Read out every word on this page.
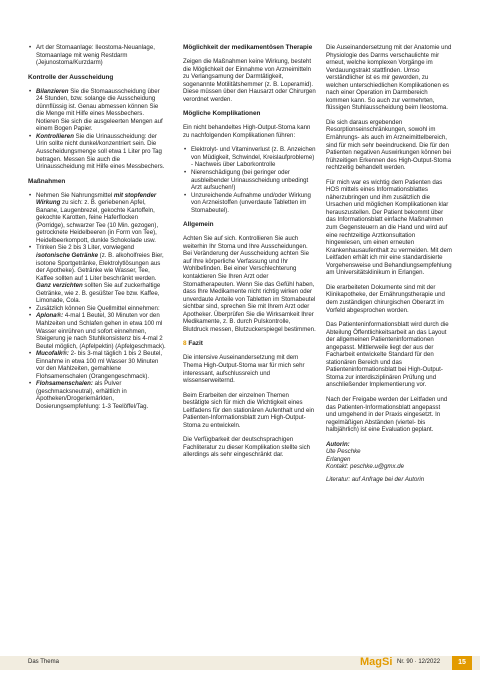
• Art der Stomaanlage: Ileostoma-Neuanlage, Stomaanlage mit wenig Restdarm (Jejunostoma/Kurzdarm)
Kontrolle der Ausscheidung
• Bilanzieren Sie die Stomaausscheidung über 24 Stunden, bzw. solange die Ausscheidung dünnflüssig ist. Genau abmessen können Sie die Menge mit Hilfe eines Messbechers. Notieren Sie sich die ausgeleerten Mengen auf einem Bogen Papier.
• Kontrollieren Sie die Urinausscheidung: der Urin sollte nicht dunkel/konzentriert sein. Die Ausscheidungsmenge soll etwa 1 Liter pro Tag betragen. Messen Sie auch die Urinausscheidung mit Hilfe eines Messbechers.
Maßnahmen
• Nehmen Sie Nahrungsmittel mit stopfender Wirkung zu sich: z. B. geriebenen Apfel, Banane, Laugenbrezel, gekochte Kartoffeln, gekochte Karotten, feine Haferflocken (Porridge), schwarzer Tee (10 Min. gezogen), getrocknete Heidelbeeren (in Form von Tee), Heidelbeerkompott, dunkle Schokolade usw.
• Trinken Sie 2 bis 3 Liter, vorwiegend isotonische Getränke (z. B. alkoholfreies Bier, isotone Sportgetränke, Elektrolytlösungen aus der Apotheke). Getränke wie Wasser, Tee, Kaffee sollten auf 1 Liter beschränkt werden. Ganz verzichten sollten Sie auf zuckerhaltige Getränke, wie z. B. gesüßter Tee bzw. Kaffee, Limonade, Cola.
• Zusätzlich können Sie Quellmittel einnehmen:
• Aplona®: 4-mal 1 Beutel, 30 Minuten vor den Mahlzeiten und Schlafen gehen in etwa 100 ml Wasser einrühren und sofort einnehmen, Steigerung je nach Stuhlkonsistenz bis 4-mal 2 Beutel möglich, (Apfelpektin) (Apfelgeschmack).
• Mucofalk®: 2- bis 3-mal täglich 1 bis 2 Beutel, Einnahme in etwa 100 ml Wasser 30 Minuten vor den Mahlzeiten, gemahlene Flohsamenschalen (Orangengeschmack).
• Flohsamenschalen: als Pulver (geschmacksneutral), erhältlich in Apotheken/Drogeriemärkten, Dosierungsempfehlung: 1-3 Teelöffel/Tag.
Möglichkeit der medikamentösen Therapie

Zeigen die Maßnahmen keine Wirkung, besteht die Möglichkeit der Einnahme von Arzneimitteln zu Verlangsamung der Darmtätigkeit, sogenannte Motilitätshemmer (z. B. Loperamid). Diese müssen über den Hausarzt oder Chirurgen verordnet werden.

Mögliche Komplikationen

Ein nicht behandeltes High-Output-Stoma kann zu nachfolgenden Komplikationen führen:

• Elektrolyt- und Vitaminverlust (z. B. Anzeichen von Müdigkeit, Schwindel, Kreislaufprobleme) - Nachweis über Laborkontrolle
• Nierenschädigung (bei geringer oder ausbleibender Urinausscheidung unbedingt Arzt aufsuchen!)
• Unzureichende Aufnahme und/oder Wirkung von Arzneistoffen (unverdaute Tabletten im Stomabeutel).
Allgemein

Achten Sie auf sich. Kontrollieren Sie auch weiterhin Ihr Stoma und Ihre Ausscheidungen. Bei Veränderung der Ausscheidung achten Sie auf Ihre körperliche Verfassung und Ihr Wohlbefinden. Bei einer Verschlechterung kontaktieren Sie Ihren Arzt oder Stomatherapeuten. Wenn Sie das Gefühl haben, dass Ihre Medikamente nicht richtig wirken oder unverdaute Anteile von Tabletten im Stomabeutel sichtbar sind, sprechen Sie mit Ihrem Arzt oder Apotheker. Überprüfen Sie die Wirksamkeit Ihrer Medikamente, z. B. durch Pulskontrolle, Blutdruck messen, Blutzuckerspiegel bestimmen.

8 Fazit

Die intensive Auseinandersetzung mit dem Thema High-Output-Stoma war für mich sehr interessant, aufschlussreich und wissenserweiternd.

Beim Erarbeiten der einzelnen Themen bestätigte sich für mich die Wichtigkeit eines Leitfadens für den stationären Aufenthalt und ein Patienten-Informationsblatt zum High-Output-Stoma zu entwickeln.

Die Verfügbarkeit der deutschsprachigen Fachliteratur zu dieser Komplikation stellte sich allerdings als sehr eingeschränkt dar.

Die Auseinandersetzung mit der Anatomie und Physiologie des Darms verschaulichte mir erneut, welche komplexen Vorgänge im Verdauungstrakt stattfinden. Umso verständlicher ist es mir geworden, zu welchen unterschiedlichen Komplikationen es nach einer Operation im Darmbereich kommen kann. So auch zur vermehrten, flüssigen Stuhlausscheidung beim Ileostoma.

Die sich daraus ergebenden Resorptionseinschränkungen, sowohl im Ernährungs- als auch im Arzneimittelbereich, sind für mich sehr beeindruckend. Die für den Patienten negativen Auswirkungen können bei frühzeitigen Erkennen des High-Output-Stoma rechtzeitig behandelt werden.

Für mich war es wichtig dem Patienten das HOS mittels eines Informationsblattes näherzubringen und ihm zusätzlich die Ursachen und möglichen Komplikationen klar herauszustellen. Der Patient bekommt über das Informationsblatt einfache Maßnahmen zum Gegensteuern an die Hand und wird auf eine rechtzeitige Arztkonsultation hingewiesen, um einen erneuten Krankenhausaufenthalt zu vermeiden. Mit dem Leitfaden erhält ich mir eine standardisierte Vorgehensweise und Behandlungsempfehlung am Universitätsklinikum in Erlangen.

Die erarbeiteten Dokumente sind mit der Klinikapotheke, der Ernährungstherapie und dem zuständigen chirurgischen Oberarzt im Vorfeld abgesprochen worden.

Das Patienteninformationsblatt wird durch die Abteilung Öffentlichkeitsarbeit an das Layout der allgemeinen Patienteninformationen angepasst. Mittlerweile liegt der aus der Facharbeit entwickelte Standard für den stationären Bereich und das Patienteninformationsblatt bei High-Output-Stoma zur interdisziplinären Prüfung und anschließender Implementierung vor.

Nach der Freigabe werden der Leitfaden und das Patienten-Informationsblatt angepasst und umgehend in der Praxis eingesetzt. In regelmäßigen Abständen (viertel- bis halbjährlich) ist eine Evaluation geplant.

Autorin:
Ute Peschke
Erlangen
Kontakt: peschke.u@gmx.de
Literatur: auf Anfrage bei der Autorin
Das Thema	MagSi Nr. 90 · 12/2022	15
